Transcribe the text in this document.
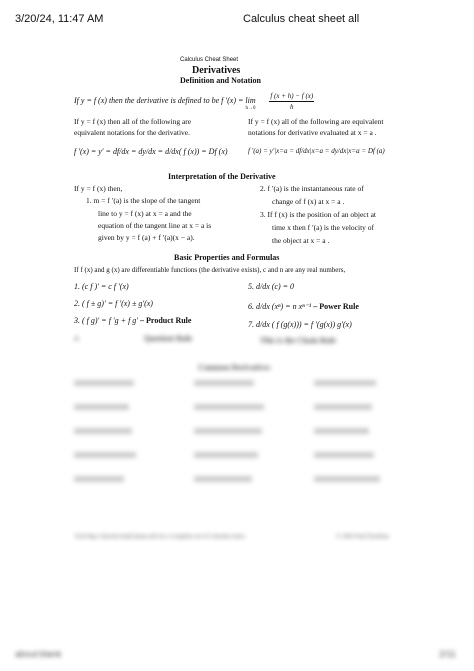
3/20/24, 11:47 AM	Calculus cheat sheet all
Calculus Cheat Sheet
Derivatives
Definition and Notation
If y = f (x) then the derivative is defined to be f $'(x) = \lim _{h\to 0} \frac{f (x + h) - f (x)}{h}$
If y = f (x) then all of the following are
equivalent notations for the derivative.
f ′(x) = y′ = df/dx = dy/dx = d/dx( f (x)) = Df (x)
If y = f (x) all of the following are equivalent
notations for derivative evaluated at x = a .
f ′(a) = y′|x=a = df/dx|x=a = dy/dx|x=a = Df (a)
Interpretation of the Derivative
If y = f (x) then,
1. m = f ′(a) is the slope of the tangent
line to y = f (x) at x = a and the
equation of the tangent line at x = a is
given by y = f (a) + f ′(a)(x − a).
2. f ′(a) is the instantaneous rate of
change of f (x) at x = a .
3. If f (x) is the position of an object at
time x then f ′(a) is the velocity of
the object at x = a .
Basic Properties and Formulas
If f (x) and g (x) are differentiable functions (the derivative exists), c and n are any real numbers,
1. (c f )′ = c f ′(x)
2. ( f ± g)′ = f ′(x) ± g′(x)
3. ( f g)′ = f ′g + f g′ – Product Rule
4.	Quotient Rule
5. d/dx (c) = 0
6. d/dx (xⁿ) = n xⁿ⁻¹ – Power Rule
7. d/dx ( f (g(x))) = f ′(g(x)) g′(x)
This is the Chain Rule
Common Derivatives
Visit http://tutorial.math.lamar.edu for a complete set of Calculus notes.	© 2005 Paul Dawkins
about:blank	2/11
